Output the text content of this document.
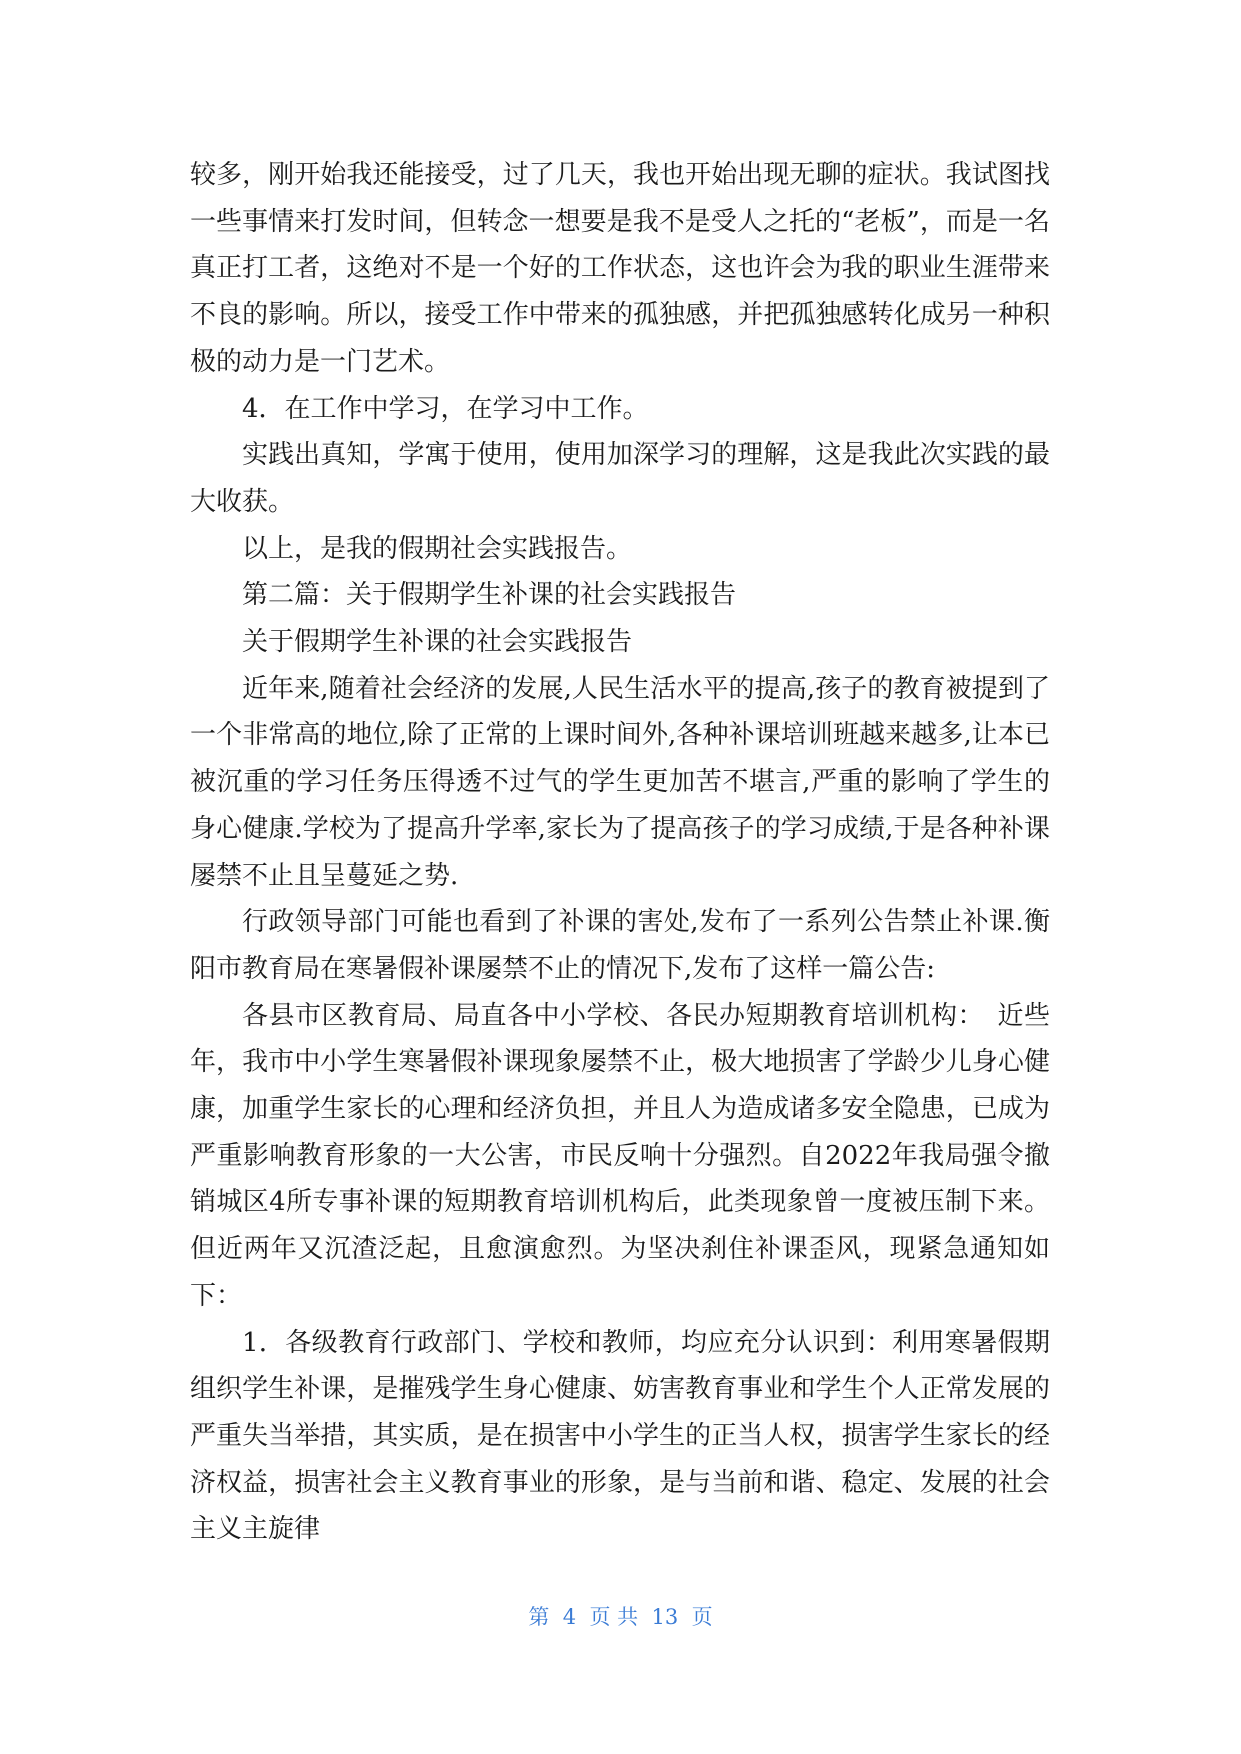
较多，刚开始我还能接受，过了几天，我也开始出现无聊的症状。我试图找一些事情来打发时间，但转念一想要是我不是受人之托的“老板”，而是一名真正打工者，这绝对不是一个好的工作状态，这也许会为我的职业生涯带来不良的影响。所以，接受工作中带来的孤独感，并把孤独感转化成另一种积极的动力是一门艺术。

4．在工作中学习，在学习中工作。

实践出真知，学寓于使用，使用加深学习的理解，这是我此次实践的最大收获。

以上，是我的假期社会实践报告。

第二篇：关于假期学生补课的社会实践报告

关于假期学生补课的社会实践报告

近年来,随着社会经济的发展,人民生活水平的提高,孩子的教育被提到了一个非常高的地位,除了正常的上课时间外,各种补课培训班越来越多,让本已被沉重的学习任务压得透不过气的学生更加苦不堪言,严重的影响了学生的身心健康.学校为了提高升学率,家长为了提高孩子的学习成绩,于是各种补课屡禁不止且呈蔓延之势.

行政领导部门可能也看到了补课的害处,发布了一系列公告禁止补课.衡阳市教育局在寒暑假补课屡禁不止的情况下,发布了这样一篇公告:

各县市区教育局、局直各中小学校、各民办短期教育培训机构：　近些年，我市中小学生寒暑假补课现象屡禁不止，极大地损害了学龄少儿身心健康，加重学生家长的心理和经济负担，并且人为造成诸多安全隐患，已成为严重影响教育形象的一大公害，市民反响十分强烈。自2022年我局强令撤销城区4所专事补课的短期教育培训机构后，此类现象曾一度被压制下来。但近两年又沉渣泛起，且愈演愈烈。为坚决刹住补课歪风，现紧急通知如下：

1．各级教育行政部门、学校和教师，均应充分认识到：利用寒暑假期组织学生补课，是摧残学生身心健康、妨害教育事业和学生个人正常发展的严重失当举措，其实质，是在损害中小学生的正当人权，损害学生家长的经济权益，损害社会主义教育事业的形象，是与当前和谐、稳定、发展的社会主义主旋律

第  4  页 共  13  页
